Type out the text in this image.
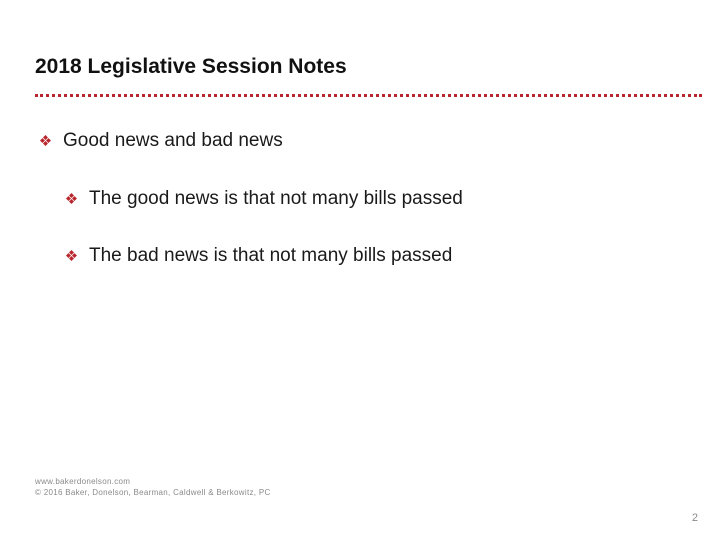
2018 Legislative Session Notes
❖ Good news and bad news
❖ The good news is that not many bills passed
❖ The bad news is that not many bills passed
www.bakerdonelson.com
© 2016 Baker, Donelson, Bearman, Caldwell & Berkowitz, PC
2
